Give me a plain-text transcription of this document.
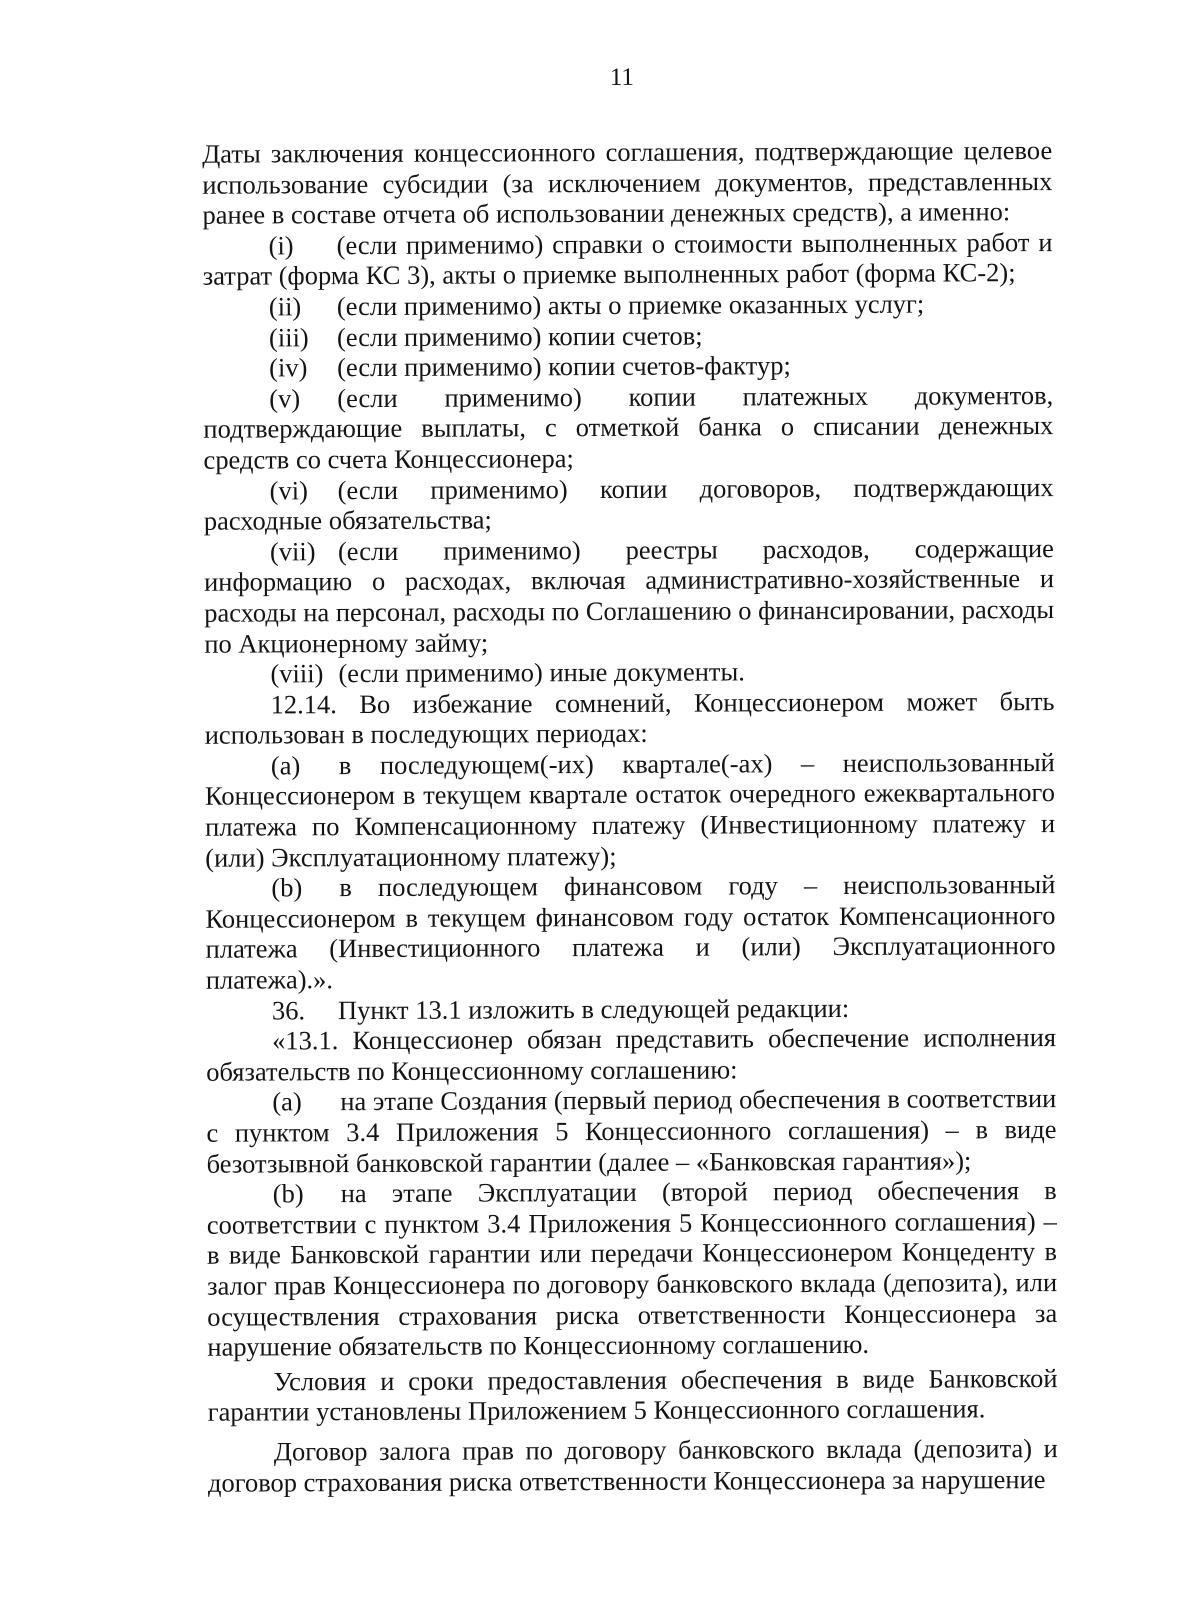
11

Даты заключения концессионного соглашения, подтверждающие целевое использование субсидии (за исключением документов, представленных ранее в составе отчета об использовании денежных средств), а именно:

(i) (если применимо) справки о стоимости выполненных работ и затрат (форма КС 3), акты о приемке выполненных работ (форма КС-2);

(ii) (если применимо) акты о приемке оказанных услуг;

(iii) (если применимо) копии счетов;

(iv) (если применимо) копии счетов-фактур;

(v) (если применимо) копии платежных документов, подтверждающие выплаты, с отметкой банка о списании денежных средств со счета Концессионера;

(vi) (если применимо) копии договоров, подтверждающих расходные обязательства;

(vii) (если применимо) реестры расходов, содержащие информацию о расходах, включая административно-хозяйственные и расходы на персонал, расходы по Соглашению о финансировании, расходы по Акционерному займу;

(viii) (если применимо) иные документы.

12.14. Во избежание сомнений, Концессионером может быть использован в последующих периодах:

(a) в последующем(-их) квартале(-ах) – неиспользованный Концессионером в текущем квартале остаток очередного ежеквартального платежа по Компенсационному платежу (Инвестиционному платежу и (или) Эксплуатационному платежу);

(b) в последующем финансовом году – неиспользованный Концессионером в текущем финансовом году остаток Компенсационного платежа (Инвестиционного платежа и (или) Эксплуатационного платежа).».

36. Пункт 13.1 изложить в следующей редакции:

«13.1. Концессионер обязан представить обеспечение исполнения обязательств по Концессионному соглашению:

(a) на этапе Создания (первый период обеспечения в соответствии с пунктом 3.4 Приложения 5 Концессионного соглашения) – в виде безотзывной банковской гарантии (далее – «Банковская гарантия»);

(b) на этапе Эксплуатации (второй период обеспечения в соответствии с пунктом 3.4 Приложения 5 Концессионного соглашения) – в виде Банковской гарантии или передачи Концессионером Концеденту в залог прав Концессионера по договору банковского вклада (депозита), или осуществления страхования риска ответственности Концессионера за нарушение обязательств по Концессионному соглашению.

Условия и сроки предоставления обеспечения в виде Банковской гарантии установлены Приложением 5 Концессионного соглашения.

Договор залога прав по договору банковского вклада (депозита) и договор страхования риска ответственности Концессионера за нарушение
